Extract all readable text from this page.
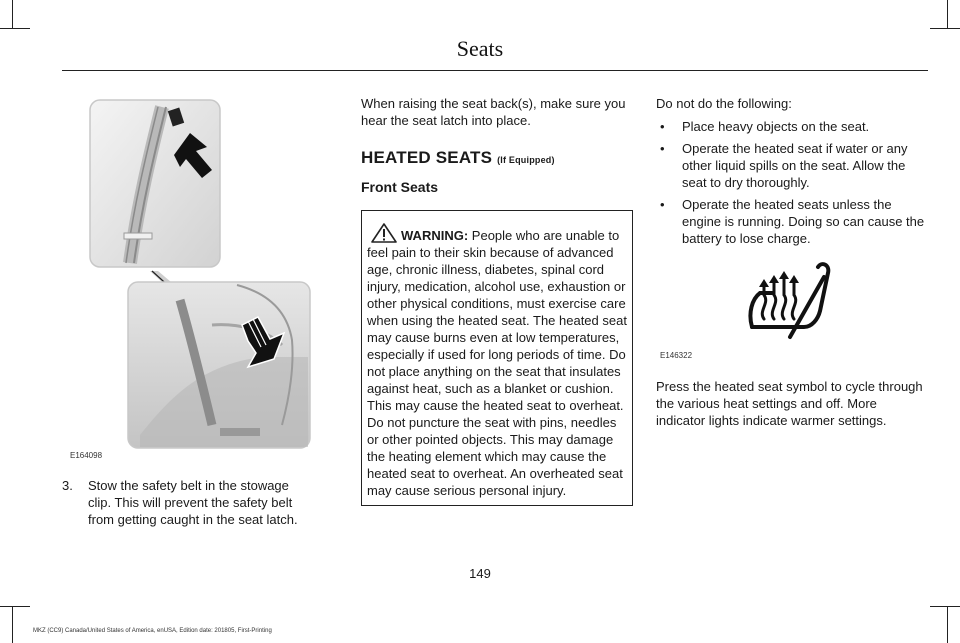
Seats
E164098
3.	Stow the safety belt in the stowage clip. This will prevent the safety belt from getting caught in the seat latch.

When raising the seat back(s), make sure you hear the seat latch into place.

HEATED SEATS (If Equipped)
Front Seats
WARNING: People who are unable to feel pain to their skin because of advanced age, chronic illness, diabetes, spinal cord injury, medication, alcohol use, exhaustion or other physical conditions, must exercise care when using the heated seat. The heated seat may cause burns even at low temperatures, especially if used for long periods of time. Do not place anything on the seat that insulates against heat, such as a blanket or cushion. This may cause the heated seat to overheat. Do not puncture the seat with pins, needles or other pointed objects. This may damage the heating element which may cause the heated seat to overheat. An overheated seat may cause serious personal injury.

Do not do the following:

•	Place heavy objects on the seat.
•	Operate the heated seat if water or any other liquid spills on the seat. Allow the seat to dry thoroughly.
•	Operate the heated seats unless the engine is running. Doing so can cause the battery to lose charge.
E146322

Press the heated seat symbol to cycle through the various heat settings and off. More indicator lights indicate warmer settings.

149
MKZ (CC9) Canada/United States of America, enUSA, Edition date: 201805, First-Printing
